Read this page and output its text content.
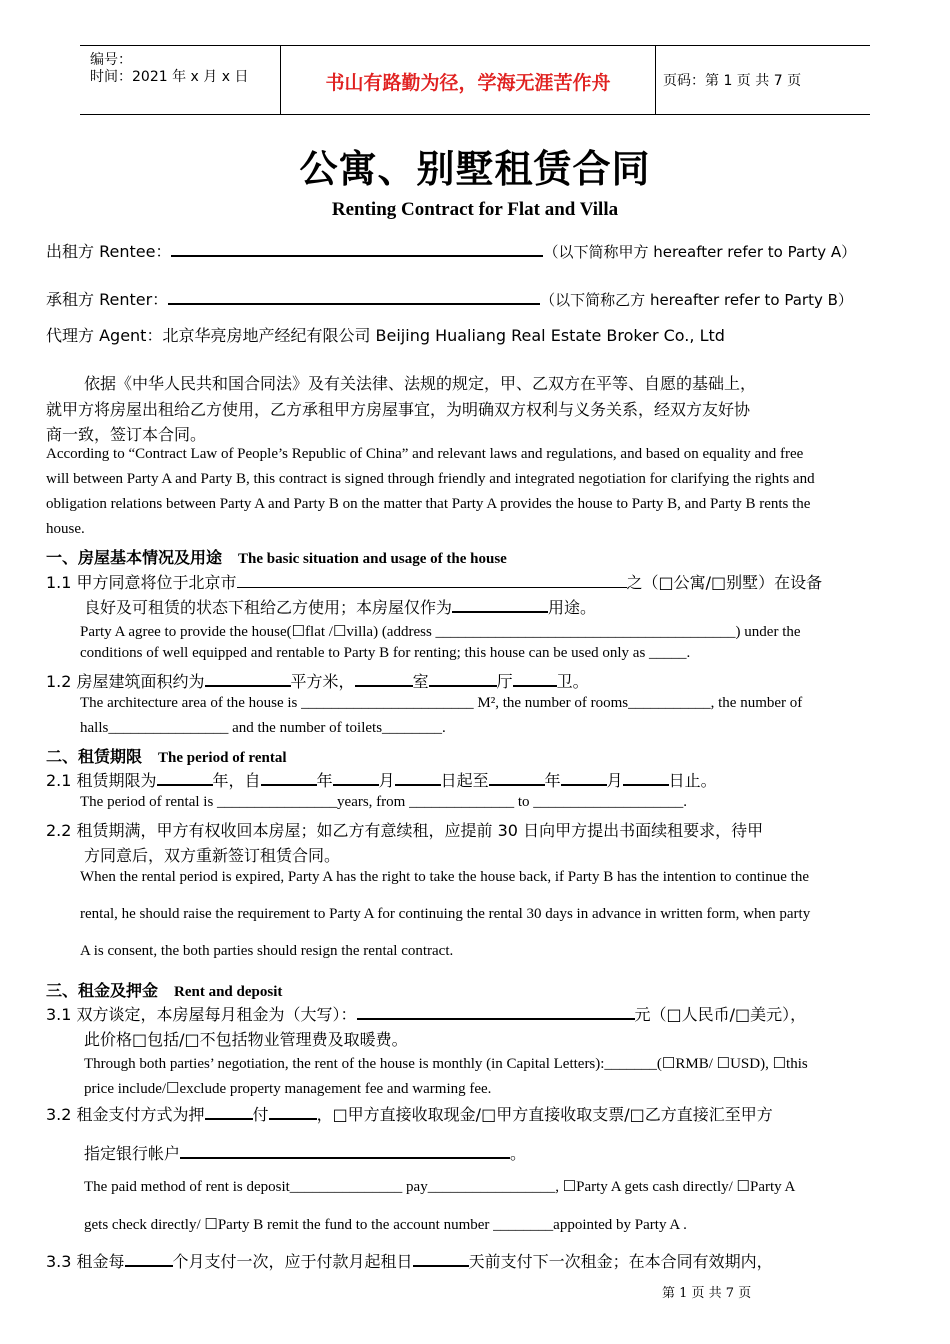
编号：
时间：2021 年 x 月 x 日	书山有路勤为径，学海无涯苦作舟	页码：第 1 页 共 7 页
公寓、别墅租赁合同
Renting Contract for Flat and Villa
出租方 Rentee：	（以下简称甲方 hereafter refer to Party A）
承租方 Renter：	（以下简称乙方 hereafter refer to Party B）
代理方 Agent：北京华亮房地产经纪有限公司 Beijing Hualiang Real Estate Broker Co., Ltd
依据《中华人民共和国合同法》及有关法律、法规的规定，甲、乙双方在平等、自愿的基础上，
就甲方将房屋出租给乙方使用，乙方承租甲方房屋事宜，为明确双方权利与义务关系，经双方友好协
商一致，签订本合同。
According to “Contract Law of People’s Republic of China” and relevant laws and regulations, and based on equality and free
will between Party A and Party B, this contract is signed through friendly and integrated negotiation for clarifying the rights and
obligation relations between Party A and Party B on the matter that Party A provides the house to Party B, and Party B rents the
house.
一、房屋基本情况及用途 The basic situation and usage of the house
1.1 甲方同意将位于北京市	之（□公寓/□别墅）在设备
良好及可租赁的状态下租给乙方使用；本房屋仅作为	用途。
Party A agree to provide the house(☐flat /☐villa) (address ________________________________________) under the
conditions of well equipped and rentable to Party B for renting; this house can be used only as _____.
1.2 房屋建筑面积约为	平方米，	室	厅	卫。
The architecture area of the house is _______________________ M², the number of rooms___________, the number of
halls________________ and the number of toilets________.
二、租赁期限 The period of rental
2.1 租赁期限为	年，自	年	月	日起至	年	月	日止。
The period of rental is ________________years, from ______________ to ____________________.
2.2 租赁期满，甲方有权收回本房屋；如乙方有意续租，应提前 30 日向甲方提出书面续租要求，待甲
方同意后，双方重新签订租赁合同。
When the rental period is expired, Party A has the right to take the house back, if Party B has the intention to continue the
rental, he should raise the requirement to Party A for continuing the rental 30 days in advance in written form, when party
A is consent, the both parties should resign the rental contract.
三、租金及押金 Rent and deposit
3.1 双方谈定，本房屋每月租金为（大写）：	元（□人民币/□美元），
此价格□包括/□不包括物业管理费及取暖费。
Through both parties’ negotiation, the rent of the house is monthly (in Capital Letters):_______(☐RMB/ ☐USD), ☐this
price include/☐exclude property management fee and warming fee.
3.2 租金支付方式为押	付	，□甲方直接收取现金/□甲方直接收取支票/□乙方直接汇至甲方
指定银行帐户	。
The paid method of rent is deposit_______________ pay_________________, ☐Party A gets cash directly/ ☐Party A
gets check directly/ ☐Party B remit the fund to the account number ________appointed by Party A .
3.3 租金每	个月支付一次，应于付款月起租日	天前支付下一次租金；在本合同有效期内，
第 1 页 共 7 页
